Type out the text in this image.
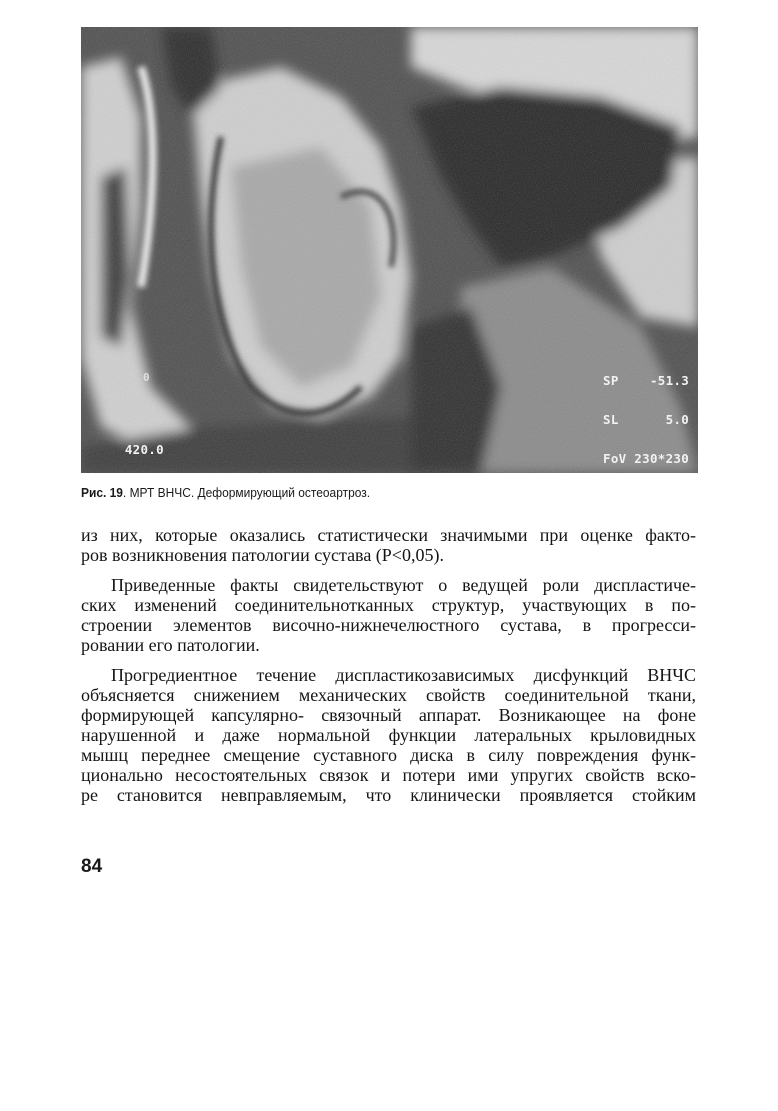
0

420.0

SP    -51.3

SL      5.0

FoV 230*230

Рис. 19. МРТ ВНЧС. Деформирующий остеоартроз.

из них, которые оказались статистически значимыми при оценке факто-
ров возникновения патологии сустава (P<0,05).

Приведенные факты свидетельствуют о ведущей роли диспластиче-
ских изменений соединительнотканных структур, участвующих в по-
строении элементов височно-нижнечелюстного сустава, в прогресси-
ровании его патологии.

Прогредиентное течение диспластикозависимых дисфункций ВНЧС
объясняется снижением механических свойств соединительной ткани,
формирующей капсулярно- связочный аппарат. Возникающее на фоне
нарушенной и даже нормальной функции латеральных крыловидных
мышц переднее смещение суставного диска в силу повреждения функ-
ционально несостоятельных связок и потери ими упругих свойств вско-
ре становится невправляемым, что клинически проявляется стойким

84
